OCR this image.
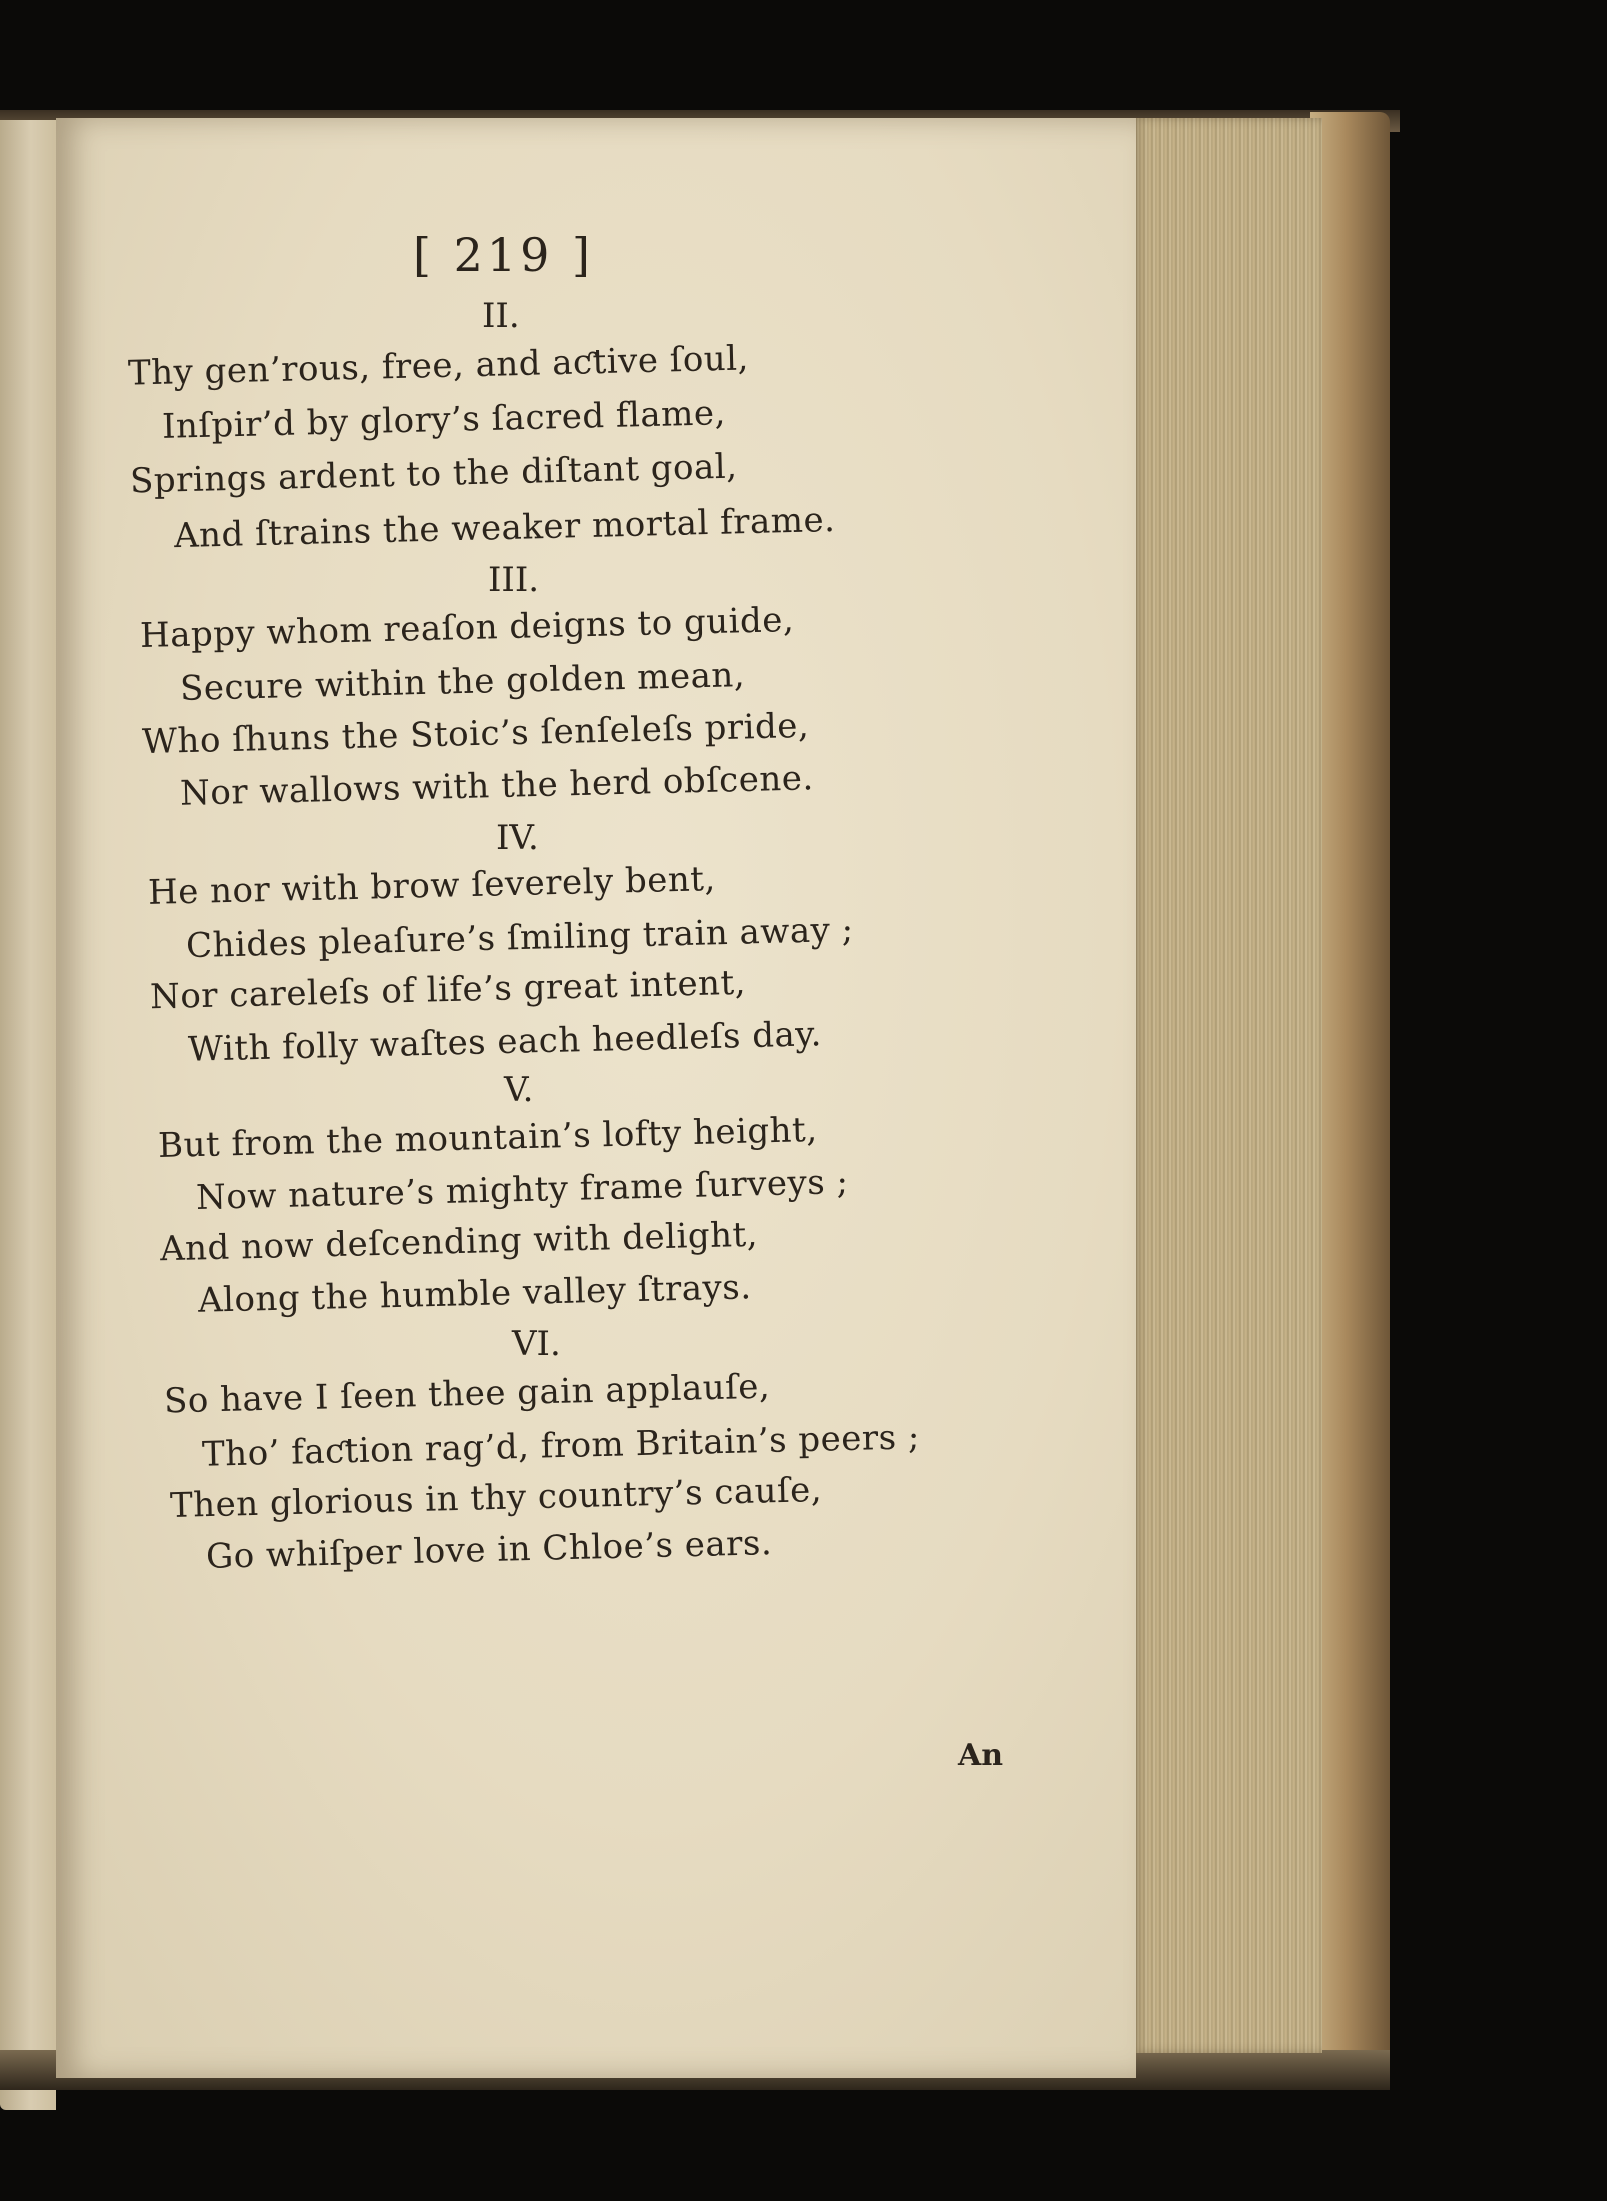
[ 219 ]
II.
Thy gen’rous, free, and aƈtive ſoul,
Inſpir’d by glory’s ſacred flame,
Springs ardent to the diſtant goal,
And ſtrains the weaker mortal frame.
III.
Happy whom reaſon deigns to guide,
Secure within the golden mean,
Who ſhuns the Stoic’s ſenſeleſs pride,
Nor wallows with the herd obſcene.
IV.
He nor with brow ſeverely bent,
Chides pleaſure’s ſmiling train away ;
Nor careleſs of life’s great intent,
With folly waſtes each heedleſs day.
V.
But from the mountain’s lofty height,
Now nature’s mighty frame ſurveys ;
And now deſcending with delight,
Along the humble valley ſtrays.
VI.
So have I ſeen thee gain applauſe,
Tho’ faƈtion rag’d, from Britain’s peers ;
Then glorious in thy country’s cauſe,
Go whiſper love in Chloe’s ears.
An
